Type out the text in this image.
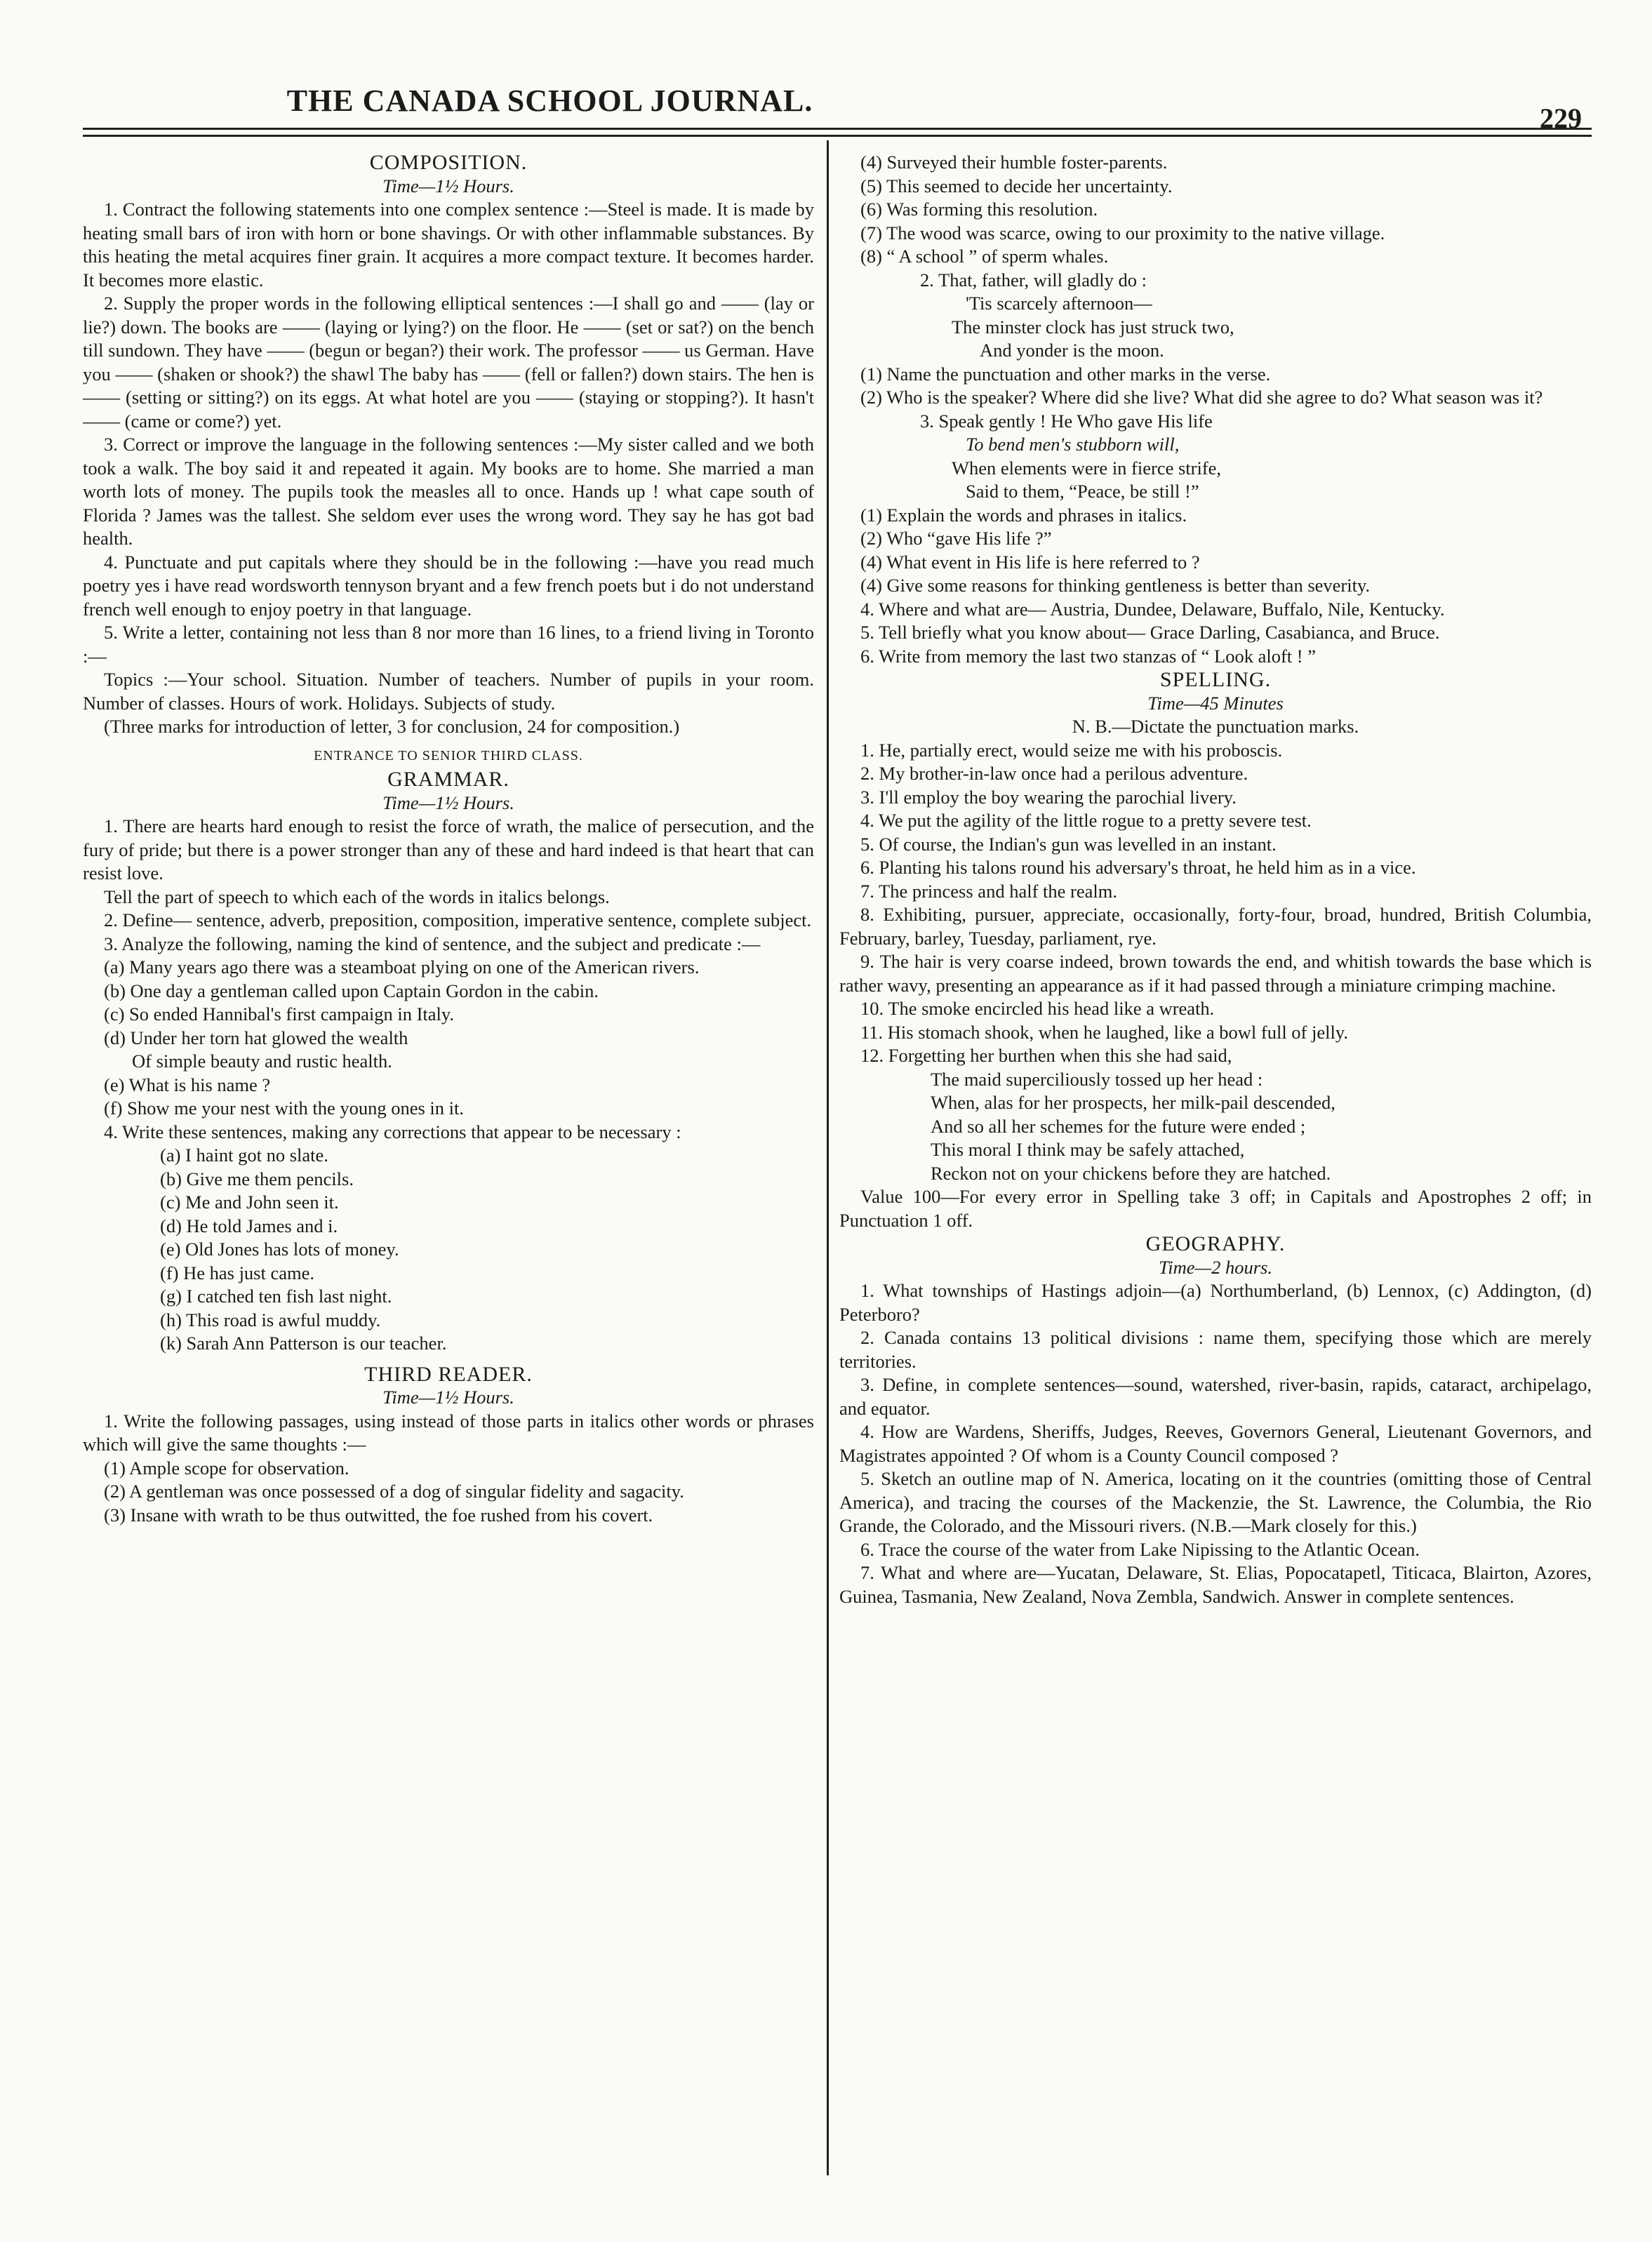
THE CANADA SCHOOL JOURNAL.
229

COMPOSITION.

Time—1½ Hours.

1. Contract the following statements into one complex sentence :—Steel is made. It is made by heating small bars of iron with horn or bone shavings. Or with other inflammable substances. By this heating the metal acquires finer grain. It acquires a more compact texture. It becomes harder. It becomes more elastic.

2. Supply the proper words in the following elliptical sentences :—I shall go and —— (lay or lie?) down. The books are —— (laying or lying?) on the floor. He —— (set or sat?) on the bench till sundown. They have —— (begun or began?) their work. The professor —— us German. Have you —— (shaken or shook?) the shawl The baby has —— (fell or fallen?) down stairs. The hen is —— (setting or sitting?) on its eggs. At what hotel are you —— (staying or stopping?). It hasn't —— (came or come?) yet.

3. Correct or improve the language in the following sentences :—My sister called and we both took a walk. The boy said it and repeated it again. My books are to home. She married a man worth lots of money. The pupils took the measles all to once. Hands up ! what cape south of Florida ? James was the tallest. She seldom ever uses the wrong word. They say he has got bad health.

4. Punctuate and put capitals where they should be in the following :—have you read much poetry yes i have read wordsworth tennyson bryant and a few french poets but i do not understand french well enough to enjoy poetry in that language.

5. Write a letter, containing not less than 8 nor more than 16 lines, to a friend living in Toronto :—

Topics :—Your school. Situation. Number of teachers. Number of pupils in your room. Number of classes. Hours of work. Holidays. Subjects of study.

(Three marks for introduction of letter, 3 for conclusion, 24 for composition.)

ENTRANCE TO SENIOR THIRD CLASS.

GRAMMAR.

Time—1½ Hours.

1. There are hearts hard enough to resist the force of wrath, the malice of persecution, and the fury of pride; but there is a power stronger than any of these and hard indeed is that heart that can resist love.

Tell the part of speech to which each of the words in italics belongs.

2. Define— sentence, adverb, preposition, composition, imperative sentence, complete subject.

3. Analyze the following, naming the kind of sentence, and the subject and predicate :—

(a) Many years ago there was a steamboat plying on one of the American rivers.

(b) One day a gentleman called upon Captain Gordon in the cabin.

(c) So ended Hannibal's first campaign in Italy.

(d) Under her torn hat glowed the wealth

Of simple beauty and rustic health.

(e) What is his name ?

(f) Show me your nest with the young ones in it.

4. Write these sentences, making any corrections that appear to be necessary :

(a) I haint got no slate.

(b) Give me them pencils.

(c) Me and John seen it.

(d) He told James and i.

(e) Old Jones has lots of money.

(f) He has just came.

(g) I catched ten fish last night.

(h) This road is awful muddy.

(k) Sarah Ann Patterson is our teacher.

THIRD READER.

Time—1½ Hours.

1. Write the following passages, using instead of those parts in italics other words or phrases which will give the same thoughts :—

(1) Ample scope for observation.

(2) A gentleman was once possessed of a dog of singular fidelity and sagacity.

(3) Insane with wrath to be thus outwitted, the foe rushed from his covert.

(4) Surveyed their humble foster-parents.

(5) This seemed to decide her uncertainty.

(6) Was forming this resolution.

(7) The wood was scarce, owing to our proximity to the native village.

(8) “ A school ” of sperm whales.

2. That, father, will gladly do :

'Tis scarcely afternoon—

The minster clock has just struck two,

And yonder is the moon.

(1) Name the punctuation and other marks in the verse.

(2) Who is the speaker? Where did she live? What did she agree to do? What season was it?

3. Speak gently ! He Who gave His life

To bend men's stubborn will,

When elements were in fierce strife,

Said to them, “Peace, be still !”

(1) Explain the words and phrases in italics.

(2) Who “gave His life ?”

(4) What event in His life is here referred to ?

(4) Give some reasons for thinking gentleness is better than severity.

4. Where and what are— Austria, Dundee, Delaware, Buffalo, Nile, Kentucky.

5. Tell briefly what you know about— Grace Darling, Casabianca, and Bruce.

6. Write from memory the last two stanzas of “ Look aloft ! ”

SPELLING.

Time—45 Minutes

N. B.—Dictate the punctuation marks.

1. He, partially erect, would seize me with his proboscis.

2. My brother-in-law once had a perilous adventure.

3. I'll employ the boy wearing the parochial livery.

4. We put the agility of the little rogue to a pretty severe test.

5. Of course, the Indian's gun was levelled in an instant.

6. Planting his talons round his adversary's throat, he held him as in a vice.

7. The princess and half the realm.

8. Exhibiting, pursuer, appreciate, occasionally, forty-four, broad, hundred, British Columbia, February, barley, Tuesday, parliament, rye.

9. The hair is very coarse indeed, brown towards the end, and whitish towards the base which is rather wavy, presenting an appearance as if it had passed through a miniature crimping machine.

10. The smoke encircled his head like a wreath.

11. His stomach shook, when he laughed, like a bowl full of jelly.

12. Forgetting her burthen when this she had said,

The maid superciliously tossed up her head :

When, alas for her prospects, her milk-pail descended,

And so all her schemes for the future were ended ;

This moral I think may be safely attached,

Reckon not on your chickens before they are hatched.

Value 100—For every error in Spelling take 3 off; in Capitals and Apostrophes 2 off; in Punctuation 1 off.

GEOGRAPHY.

Time—2 hours.

1. What townships of Hastings adjoin—(a) Northumberland, (b) Lennox, (c) Addington, (d) Peterboro?

2. Canada contains 13 political divisions : name them, specifying those which are merely territories.

3. Define, in complete sentences—sound, watershed, river-basin, rapids, cataract, archipelago, and equator.

4. How are Wardens, Sheriffs, Judges, Reeves, Governors General, Lieutenant Governors, and Magistrates appointed ? Of whom is a County Council composed ?

5. Sketch an outline map of N. America, locating on it the countries (omitting those of Central America), and tracing the courses of the Mackenzie, the St. Lawrence, the Columbia, the Rio Grande, the Colorado, and the Missouri rivers. (N.B.—Mark closely for this.)

6. Trace the course of the water from Lake Nipissing to the Atlantic Ocean.

7. What and where are—Yucatan, Delaware, St. Elias, Popocatapetl, Titicaca, Blairton, Azores, Guinea, Tasmania, New Zealand, Nova Zembla, Sandwich. Answer in complete sentences.
